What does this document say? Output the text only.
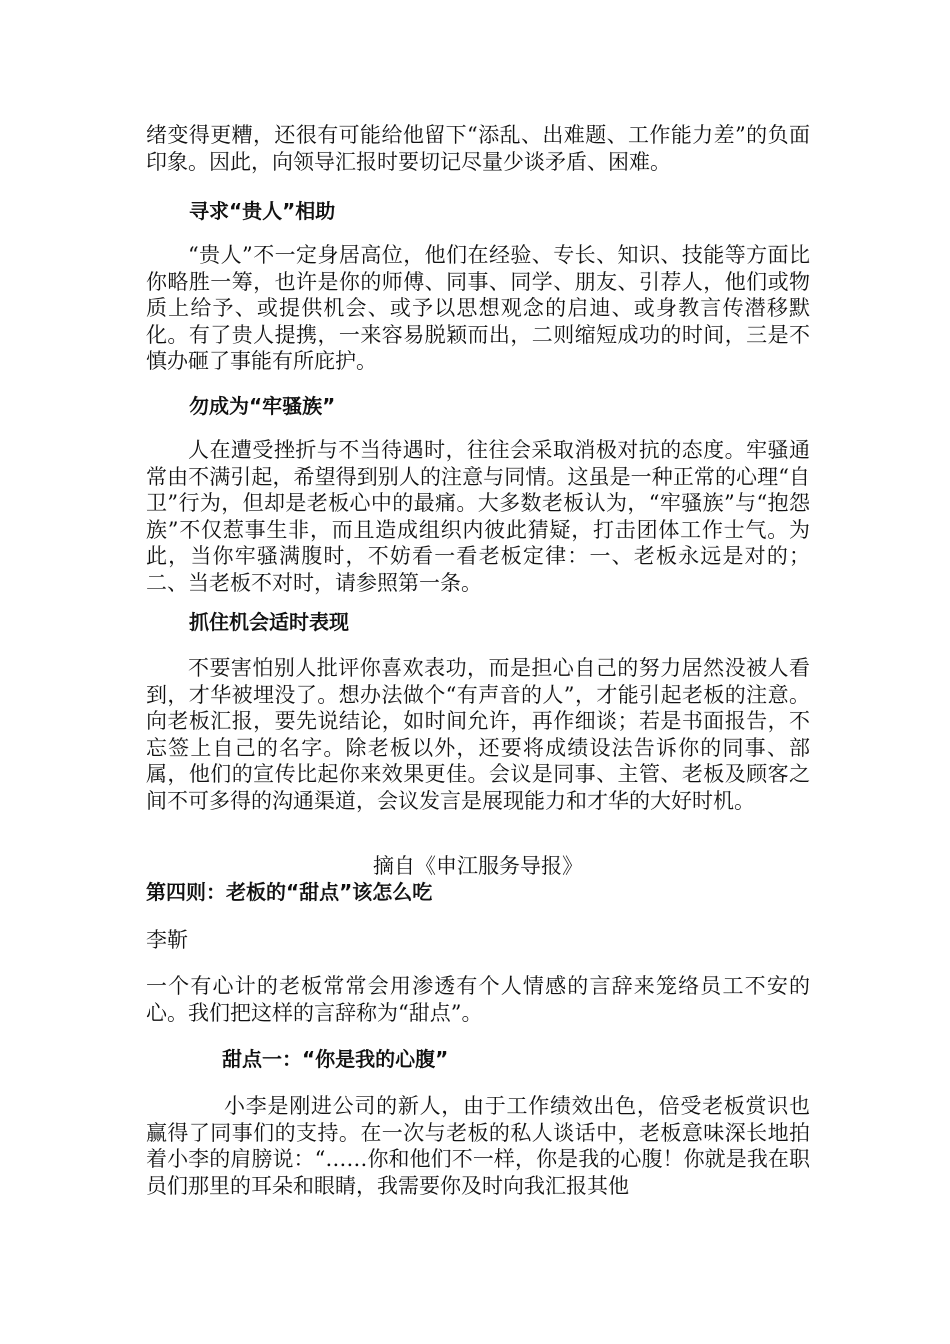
绪变得更糟，还很有可能给他留下“添乱、出难题、工作能力差”的负面印象。因此，向领导汇报时要切记尽量少谈矛盾、困难。

寻求“贵人”相助

“贵人”不一定身居高位，他们在经验、专长、知识、技能等方面比你略胜一筹，也许是你的师傅、同事、同学、朋友、引荐人，他们或物质上给予、或提供机会、或予以思想观念的启迪、或身教言传潜移默化。有了贵人提携，一来容易脱颖而出，二则缩短成功的时间，三是不慎办砸了事能有所庇护。

勿成为“牢骚族”

人在遭受挫折与不当待遇时，往往会采取消极对抗的态度。牢骚通常由不满引起，希望得到别人的注意与同情。这虽是一种正常的心理“自卫”行为，但却是老板心中的最痛。大多数老板认为，“牢骚族”与“抱怨族”不仅惹事生非，而且造成组织内彼此猜疑，打击团体工作士气。为此，当你牢骚满腹时，不妨看一看老板定律：一、老板永远是对的；二、当老板不对时，请参照第一条。

抓住机会适时表现

不要害怕别人批评你喜欢表功，而是担心自己的努力居然没被人看到，才华被埋没了。想办法做个“有声音的人”，才能引起老板的注意。向老板汇报，要先说结论，如时间允许，再作细谈；若是书面报告，不忘签上自己的名字。除老板以外，还要将成绩设法告诉你的同事、部属，他们的宣传比起你来效果更佳。会议是同事、主管、老板及顾客之间不可多得的沟通渠道，会议发言是展现能力和才华的大好时机。

摘自《申江服务导报》

第四则：老板的“甜点”该怎么吃

李靳

一个有心计的老板常常会用渗透有个人情感的言辞来笼络员工不安的心。我们把这样的言辞称为“甜点”。

甜点一：“你是我的心腹”

小李是刚进公司的新人，由于工作绩效出色，倍受老板赏识也赢得了同事们的支持。在一次与老板的私人谈话中，老板意味深长地拍着小李的肩膀说：“……你和他们不一样，你是我的心腹！你就是我在职员们那里的耳朵和眼睛，我需要你及时向我汇报其他
